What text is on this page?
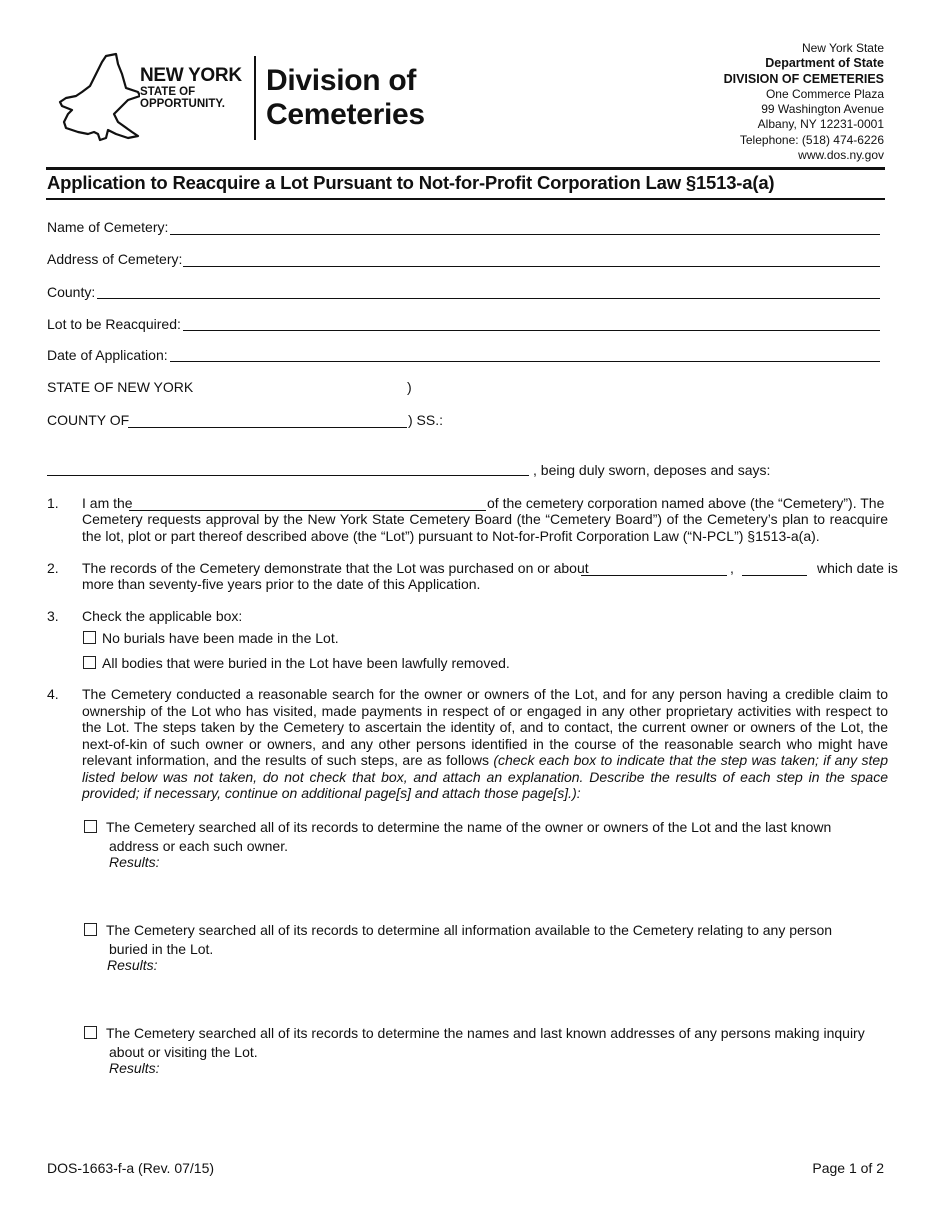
NEW YORK
STATE OF
OPPORTUNITY.
Division of
Cemeteries
New York State
Department of State
DIVISION OF CEMETERIES
One Commerce Plaza
99 Washington Avenue
Albany, NY 12231-0001
Telephone: (518) 474-6226
www.dos.ny.gov
Application to Reacquire a Lot Pursuant to Not-for-Profit Corporation Law §1513-a(a)
Name of Cemetery:
Address of Cemetery:
County:
Lot to be Reacquired:
Date of Application:
STATE OF NEW YORK	)
COUNTY OF	) SS.:
, being duly sworn, deposes and says:
1. I am the	of the cemetery corporation named above (the “Cemetery”). The
Cemetery requests approval by the New York State Cemetery Board (the “Cemetery Board”) of the Cemetery’s plan to reacquire the lot, plot or part thereof described above (the “Lot”) pursuant to Not-for-Profit Corporation Law (“N-PCL”) §1513-a(a).
2. The records of the Cemetery demonstrate that the Lot was purchased on or about	,	which date is
more than seventy-five years prior to the date of this Application.
3. Check the applicable box:
No burials have been made in the Lot.
All bodies that were buried in the Lot have been lawfully removed.
4. The Cemetery conducted a reasonable search for the owner or owners of the Lot, and for any person having a credible claim to ownership of the Lot who has visited, made payments in respect of or engaged in any other proprietary activities with respect to the Lot. The steps taken by the Cemetery to ascertain the identity of, and to contact, the current owner or owners of the Lot, the next-of-kin of such owner or owners, and any other persons identified in the course of the reasonable search who might have relevant information, and the results of such steps, are as follows (check each box to indicate that the step was taken; if any step listed below was not taken, do not check that box, and attach an explanation. Describe the results of each step in the space provided; if necessary, continue on additional page[s] and attach those page[s].):
The Cemetery searched all of its records to determine the name of the owner or owners of the Lot and the last known
address or each such owner.
Results:
The Cemetery searched all of its records to determine all information available to the Cemetery relating to any person
buried in the Lot.
Results:
The Cemetery searched all of its records to determine the names and last known addresses of any persons making inquiry
about or visiting the Lot.
Results:
DOS-1663-f-a (Rev. 07/15)	Page 1 of 2
